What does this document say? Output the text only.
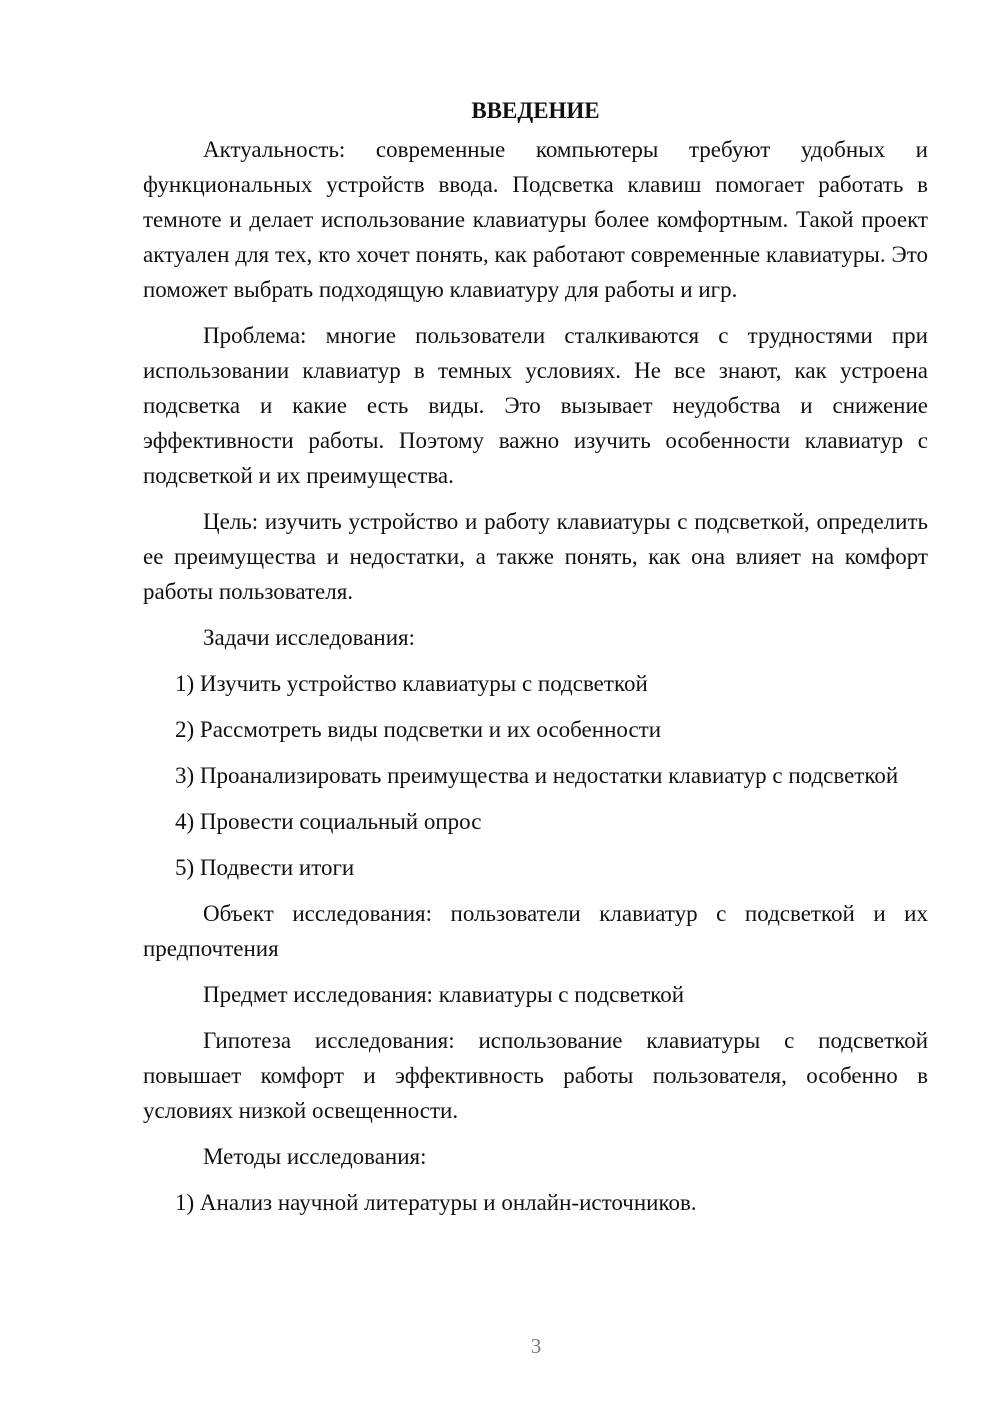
ВВЕДЕНИЕ

Актуальность: современные компьютеры требуют удобных и функциональных устройств ввода. Подсветка клавиш помогает работать в темноте и делает использование клавиатуры более комфортным. Такой проект актуален для тех, кто хочет понять, как работают современные клавиатуры. Это поможет выбрать подходящую клавиатуру для работы и игр.

Проблема: многие пользователи сталкиваются с трудностями при использовании клавиатур в темных условиях. Не все знают, как устроена подсветка и какие есть виды. Это вызывает неудобства и снижение эффективности работы. Поэтому важно изучить особенности клавиатур с подсветкой и их преимущества.

Цель: изучить устройство и работу клавиатуры с подсветкой, определить ее преимущества и недостатки, а также понять, как она влияет на комфорт работы пользователя.

Задачи исследования:

1) Изучить устройство клавиатуры с подсветкой

2) Рассмотреть виды подсветки и их особенности

3) Проанализировать преимущества и недостатки клавиатур с подсветкой

4) Провести социальный опрос

5) Подвести итоги

Объект исследования: пользователи клавиатур с подсветкой и их предпочтения

Предмет исследования: клавиатуры с подсветкой

Гипотеза исследования: использование клавиатуры с подсветкой повышает комфорт и эффективность работы пользователя, особенно в условиях низкой освещенности.

Методы исследования:

1) Анализ научной литературы и онлайн-источников.

3
